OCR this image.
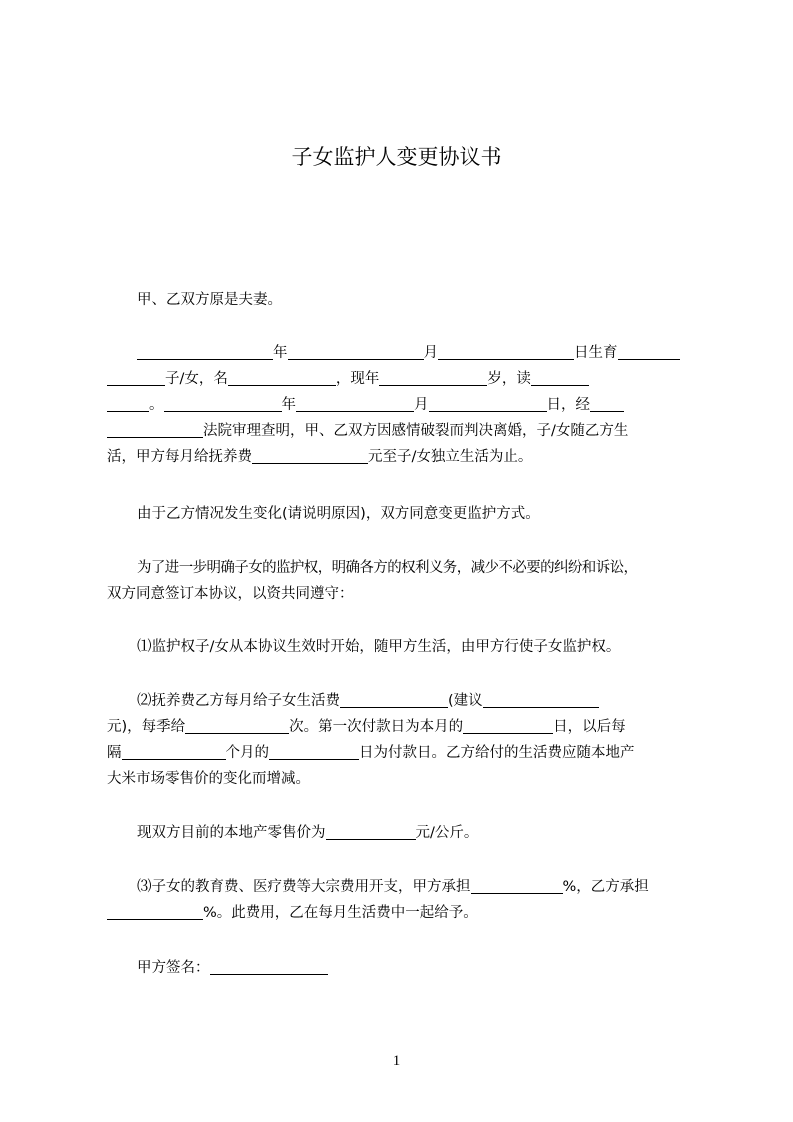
子女监护人变更协议书
甲、乙双方原是夫妻。
年	月	日生育
子/女，名	，现年	岁，读
。	年	月	日，经
法院审理查明，甲、乙双方因感情破裂而判决离婚，子/女随乙方生
活，甲方每月给抚养费	元至子/女独立生活为止。
由于乙方情况发生变化(请说明原因)，双方同意变更监护方式。
为了进一步明确子女的监护权，明确各方的权利义务，减少不必要的纠纷和诉讼，
双方同意签订本协议，以资共同遵守：
⑴监护权子/女从本协议生效时开始，随甲方生活，由甲方行使子女监护权。
⑵抚养费乙方每月给子女生活费	(建议
元)，每季给	次。第一次付款日为本月的	日，以后每
隔	个月的	日为付款日。乙方给付的生活费应随本地产
大米市场零售价的变化而增减。
现双方目前的本地产零售价为	元/公斤。
⑶子女的教育费、医疗费等大宗费用开支，甲方承担	%，乙方承担
%。此费用，乙在每月生活费中一起给予。
甲方签名：
1
